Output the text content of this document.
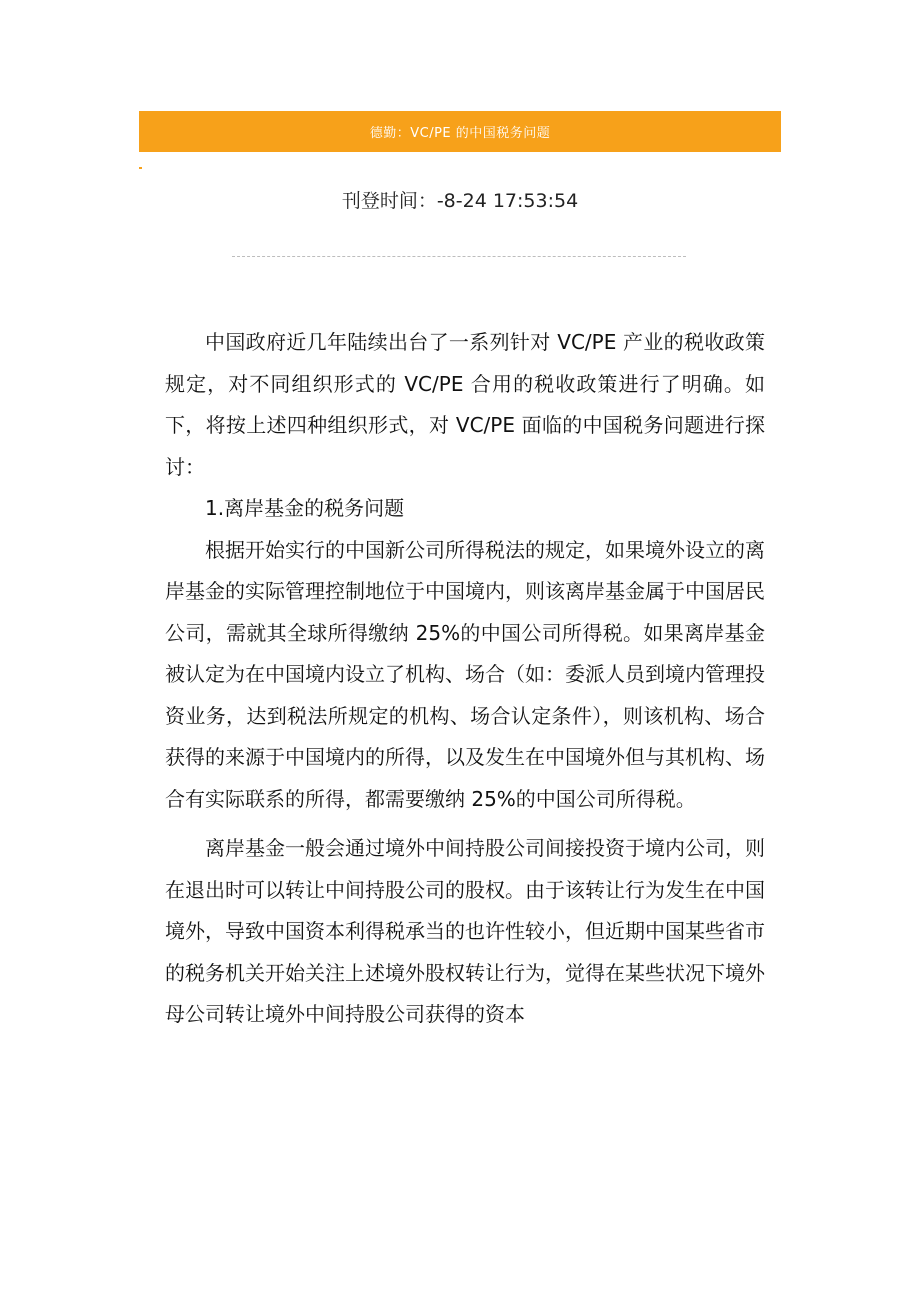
德勤：VC/PE 的中国税务问题
刊登时间：-8-24 17:53:54

中国政府近几年陆续出台了一系列针对 VC/PE 产业的税收政策规定，对不同组织形式的 VC/PE 合用的税收政策进行了明确。如下，将按上述四种组织形式，对 VC/PE 面临的中国税务问题进行探讨：

1.离岸基金的税务问题

根据开始实行的中国新公司所得税法的规定，如果境外设立的离岸基金的实际管理控制地位于中国境内，则该离岸基金属于中国居民公司，需就其全球所得缴纳 25%的中国公司所得税。如果离岸基金被认定为在中国境内设立了机构、场合（如：委派人员到境内管理投资业务，达到税法所规定的机构、场合认定条件），则该机构、场合获得的来源于中国境内的所得，以及发生在中国境外但与其机构、场合有实际联系的所得，都需要缴纳 25%的中国公司所得税。

离岸基金一般会通过境外中间持股公司间接投资于境内公司，则在退出时可以转让中间持股公司的股权。由于该转让行为发生在中国境外，导致中国资本利得税承当的也许性较小，但近期中国某些省市的税务机关开始关注上述境外股权转让行为，觉得在某些状况下境外母公司转让境外中间持股公司获得的资本
